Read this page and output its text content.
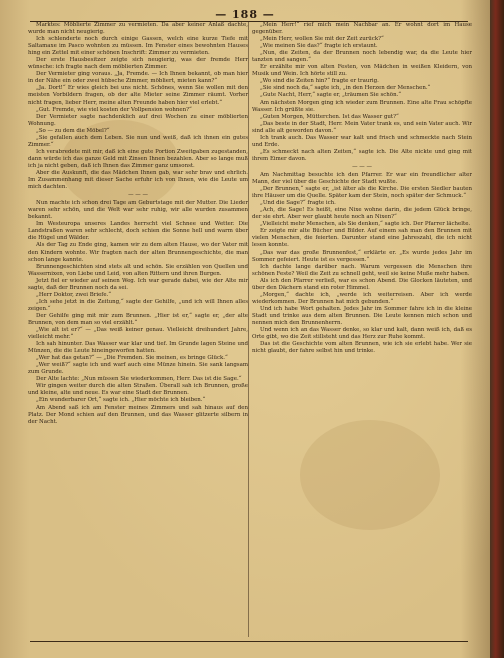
— 188 —

Marktes: Möblierte Zimmer zu vermieten. Da aber keiner Anlaß dachte, wurde man nicht neugierig.

Ich schlenderte noch durch einige Gassen, welch eine kurze Tiefe mit Saltamaxe im Pasco wohnten zu müssen. Im Fenster eines bewohnten Hauses hing ein Zettel mit einer schönen Inschrift: Zimmer zu vermieten.

Der erste Hausbesitzer zeigte sich neugierig, was der fremde Herr wünsche: ich fragte nach dem möblierten Zimmer.

Der Vermieter ging voraus. „Ja, Fremde. — Ich Ihnen bekannt, ob man hier in der Nähe ein oder zwei hübsche Zimmer, möbliert, mieten kann?“

„Ja. Dort!“ Er wies gleich bei uns nicht. Schönes, wenn Sie wollen mit den meisten Vorbildern fragen, ob der alte Mieter seine Zimmer räumt. Vorher nicht fragen, lieber Herr, meine alten Freunde haben hier viel erlebt.“

„Gut. Fremde, wie viel kosten der Vollpension wohnen?“

Der Vermieter sagte nachdenklich auf drei Wochen zu einer möblierten Wohnung.

„So — zu dem die Möbel?“

„Sie gefallen auch dem Leben. Sie nun und weiß, daß ich ihnen ein gutes Zimmer.“

Ich verabredete mit mir, daß ich eine gute Portion Zweitgaben zugestanden, dann würde ich das ganze Geld mit Zinsen Ihnen bezahlen. Aber so lange muß ich ja nicht geben, daß ich Ihnen das Zimmer ganz umsonst.

Aber die Auskunft, die das Mädchen Ihnen gab, war sehr brav und ehrlich. Im Zusammenhang mit dieser Sache erfuhr ich von Ihnen, wie die Leute um mich dachten.

— — —

Nun machte ich schon drei Tage am Geburtstage mit der Mutter. Die Lieder waren sehr schön, und die Welt war sehr ruhig, wir alle wurden zusammen bekannt.

Im Westeuropa unseres Landes herrscht viel Schnee und Wetter. Die Landstraßen waren sehr schlecht, doch schien die Sonne hell und warm über die Hügel und Wälder.

Als der Tag zu Ende ging, kamen wir zu dem alten Hause, wo der Vater mit den Kindern wohnte. Wir fragten nach der alten Brunnengeschichte, die man schon lange kannte.

Brunnengeschichten sind stets alt und schön. Sie erzählen von Quellen und Wassernixen, von Liebe und Leid, von alten Rittern und ihren Burgen.

Jetzt fiel er wieder auf seinen Weg. Ich war gerade dabei, wie der Alte mir sagte, daß der Brunnen noch da sei.

„Herr Doktor, zwei Briefe.“

„Ich sehe jetzt in die Zeitung,“ sagte der Gehilfe, „und ich will Ihnen alles zeigen.“

Der Gehilfe ging mit mir zum Brunnen. „Hier ist er,“ sagte er, „der alte Brunnen, von dem man so viel erzählt.“

„Wie alt ist er?“ — „Das weiß keiner genau. Vielleicht dreihundert Jahre, vielleicht mehr.“

Ich sah hinunter. Das Wasser war klar und tief. Im Grunde lagen Steine und Münzen, die die Leute hineingeworfen hatten.

„Wer hat das getan?“ — „Die Fremden. Sie meinen, es bringe Glück.“

„Wer weiß?“ sagte ich und warf auch eine Münze hinein. Sie sank langsam zum Grunde.

Der Alte lachte: „Nun müssen Sie wiederkommen, Herr. Das ist die Sage.“

Wir gingen weiter durch die alten Straßen. Überall sah ich Brunnen, große und kleine, alte und neue. Es war eine Stadt der Brunnen.

„Ein wunderbarer Ort,“ sagte ich. „Hier möchte ich bleiben.“

Am Abend saß ich am Fenster meines Zimmers und sah hinaus auf den Platz. Der Mond schien auf den Brunnen, und das Wasser glitzerte silbern in der Nacht.

„Mein Herr!“ rief mich mein Nachbar an. Er wohnt dort im Hause gegenüber.

„Mein Herr, wollen Sie mit der Zeit zurück?“

„Wie meinen Sie das?“ fragte ich erstaunt.

„Nun, die Zeiten, da der Brunnen noch lebendig war, da die Leute hier tanzten und sangen.“

Er erzählte mir von alten Festen, von Mädchen in weißen Kleidern, von Musik und Wein. Ich hörte still zu.

„Wo sind die Zeiten hin?“ fragte er traurig.

„Sie sind noch da,“ sagte ich, „in den Herzen der Menschen.“

„Gute Nacht, Herr,“ sagte er, „träumen Sie schön.“

Am nächsten Morgen ging ich wieder zum Brunnen. Eine alte Frau schöpfte Wasser. Ich grüßte sie.

„Guten Morgen, Mütterchen. Ist das Wasser gut?“

„Das beste in der Stadt, Herr. Mein Vater trank es, und sein Vater auch. Wir sind alle alt geworden davon.“

Ich trank auch. Das Wasser war kalt und frisch und schmeckte nach Stein und Erde.

„Es schmeckt nach alten Zeiten,“ sagte ich. Die Alte nickte und ging mit ihrem Eimer davon.

— — —

Am Nachmittag besuchte ich den Pfarrer. Er war ein freundlicher alter Mann, der viel über die Geschichte der Stadt wußte.

„Der Brunnen,“ sagte er, „ist älter als die Kirche. Die ersten Siedler bauten ihre Häuser um die Quelle. Später kam der Stein, noch später der Schmuck.“

„Und die Sage?“ fragte ich.

„Ach, die Sage! Es heißt, eine Nixe wohne darin, die jedem Glück bringe, der sie ehrt. Aber wer glaubt heute noch an Nixen?“

„Vielleicht mehr Menschen, als Sie denken,“ sagte ich. Der Pfarrer lächelte.

Er zeigte mir alte Bücher und Bilder. Auf einem sah man den Brunnen mit vielen Menschen, die feierten. Darunter stand eine Jahreszahl, die ich nicht lesen konnte.

„Das war das große Brunnenfest,“ erklärte er. „Es wurde jedes Jahr im Sommer gefeiert. Heute ist es vergessen.“

Ich dachte lange darüber nach. Warum vergessen die Menschen ihre schönen Feste? Weil die Zeit zu schnell geht, weil sie keine Muße mehr haben.

Als ich den Pfarrer verließ, war es schon Abend. Die Glocken läuteten, und über den Dächern stand ein roter Himmel.

„Morgen,“ dachte ich, „werde ich weiterreisen. Aber ich werde wiederkommen. Der Brunnen hat mich gebunden.“

Und ich habe Wort gehalten. Jedes Jahr im Sommer fahre ich in die kleine Stadt und trinke aus dem alten Brunnen. Die Leute kennen mich schon und nennen mich den Brunnenherrn.

Und wenn ich an das Wasser denke, so klar und kalt, dann weiß ich, daß es Orte gibt, wo die Zeit stillsteht und das Herz zur Ruhe kommt.

Das ist die Geschichte vom alten Brunnen, wie ich sie erlebt habe. Wer sie nicht glaubt, der fahre selbst hin und trinke.
